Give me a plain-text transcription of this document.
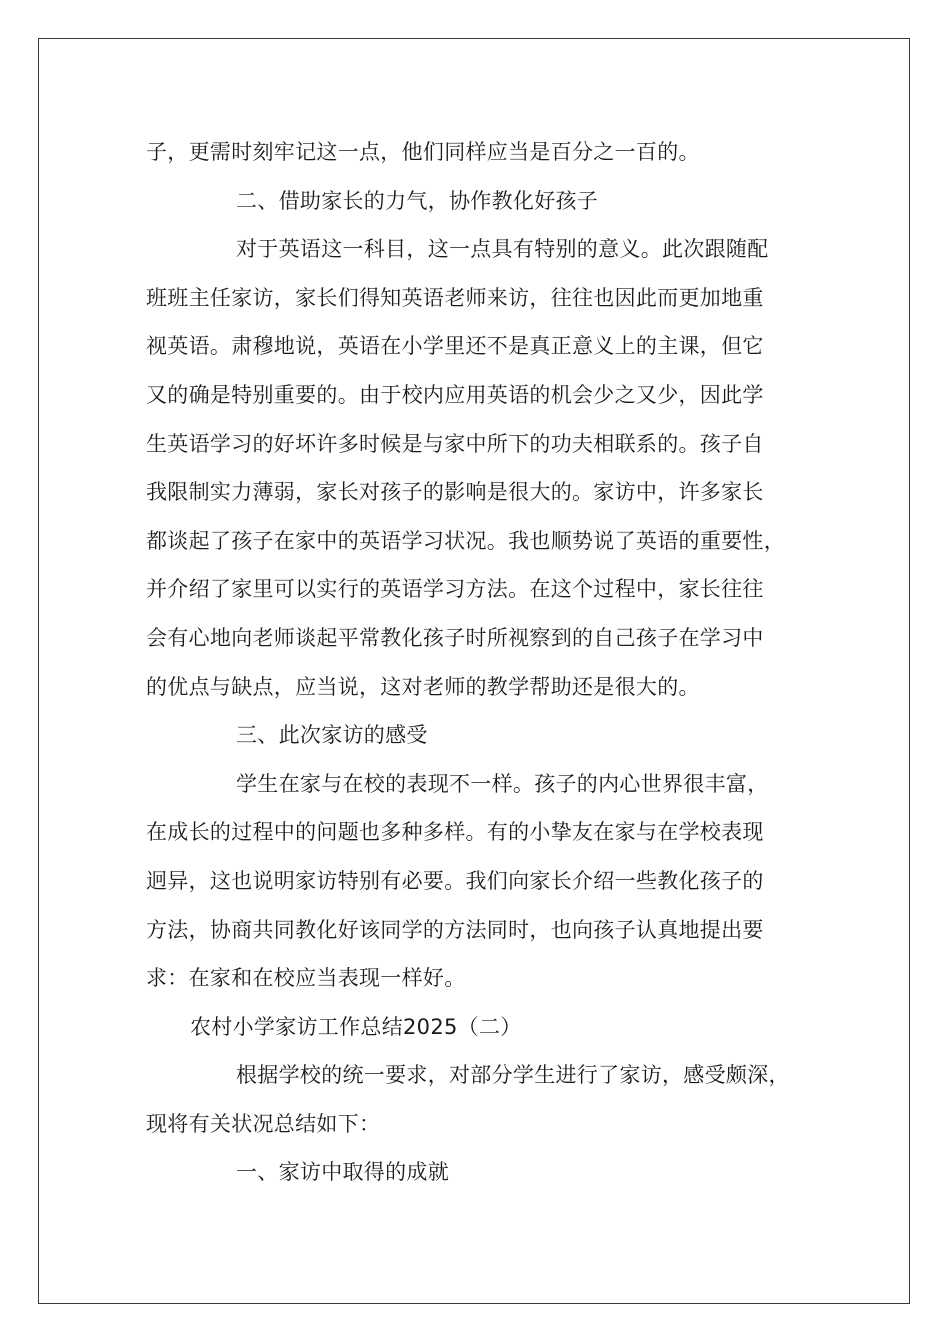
子，更需时刻牢记这一点，他们同样应当是百分之一百的。
二、借助家长的力气，协作教化好孩子
对于英语这一科目，这一点具有特别的意义。此次跟随配
班班主任家访，家长们得知英语老师来访，往往也因此而更加地重
视英语。肃穆地说，英语在小学里还不是真正意义上的主课，但它
又的确是特别重要的。由于校内应用英语的机会少之又少，因此学
生英语学习的好坏许多时候是与家中所下的功夫相联系的。孩子自
我限制实力薄弱，家长对孩子的影响是很大的。家访中，许多家长
都谈起了孩子在家中的英语学习状况。我也顺势说了英语的重要性，
并介绍了家里可以实行的英语学习方法。在这个过程中，家长往往
会有心地向老师谈起平常教化孩子时所视察到的自己孩子在学习中
的优点与缺点，应当说，这对老师的教学帮助还是很大的。
三、此次家访的感受
学生在家与在校的表现不一样。孩子的内心世界很丰富，
在成长的过程中的问题也多种多样。有的小挚友在家与在学校表现
迥异，这也说明家访特别有必要。我们向家长介绍一些教化孩子的
方法，协商共同教化好该同学的方法同时，也向孩子认真地提出要
求：在家和在校应当表现一样好。
农村小学家访工作总结2025（二）
根据学校的统一要求，对部分学生进行了家访，感受颇深，
现将有关状况总结如下：
一、家访中取得的成就
